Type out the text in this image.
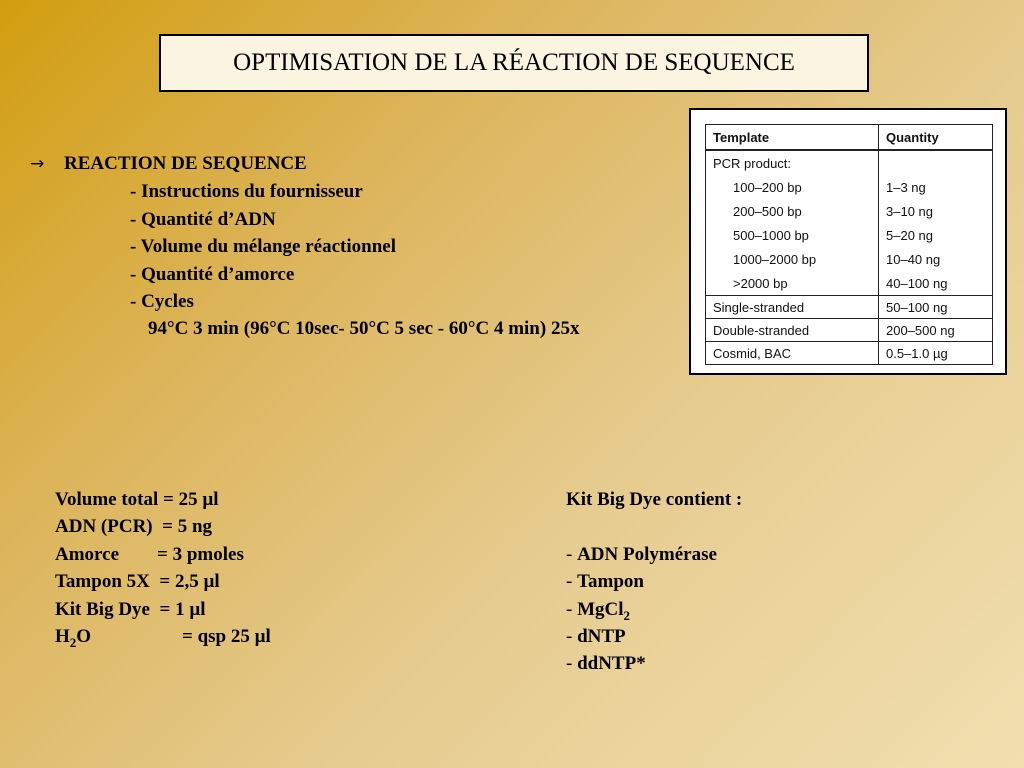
OPTIMISATION DE LA RÉACTION DE SEQUENCE
→	REACTION DE SEQUENCE
- Instructions du fournisseur
- Quantité d’ADN
- Volume du mélange réactionnel
- Quantité d’amorce
- Cycles
94°C 3 min (96°C 10sec- 50°C 5 sec - 60°C 4 min) 25x
Template	Quantity
PCR product:	
100–200 bp	1–3 ng
200–500 bp	3–10 ng
500–1000 bp	5–20 ng
1000–2000 bp	10–40 ng
>2000 bp	40–100 ng
Single-stranded	50–100 ng
Double-stranded	200–500 ng
Cosmid, BAC	0.5–1.0 µg
Volume total = 25 µl
ADN (PCR) = 5 ng
Amorce = 3 pmoles
Tampon 5X = 2,5 µl
Kit Big Dye = 1 µl
$H_2O$	= qsp 25 µl
Kit Big Dye contient :
- ADN Polymérase
- Tampon
- MgCl$_2$
- dNTP
- ddNTP*
